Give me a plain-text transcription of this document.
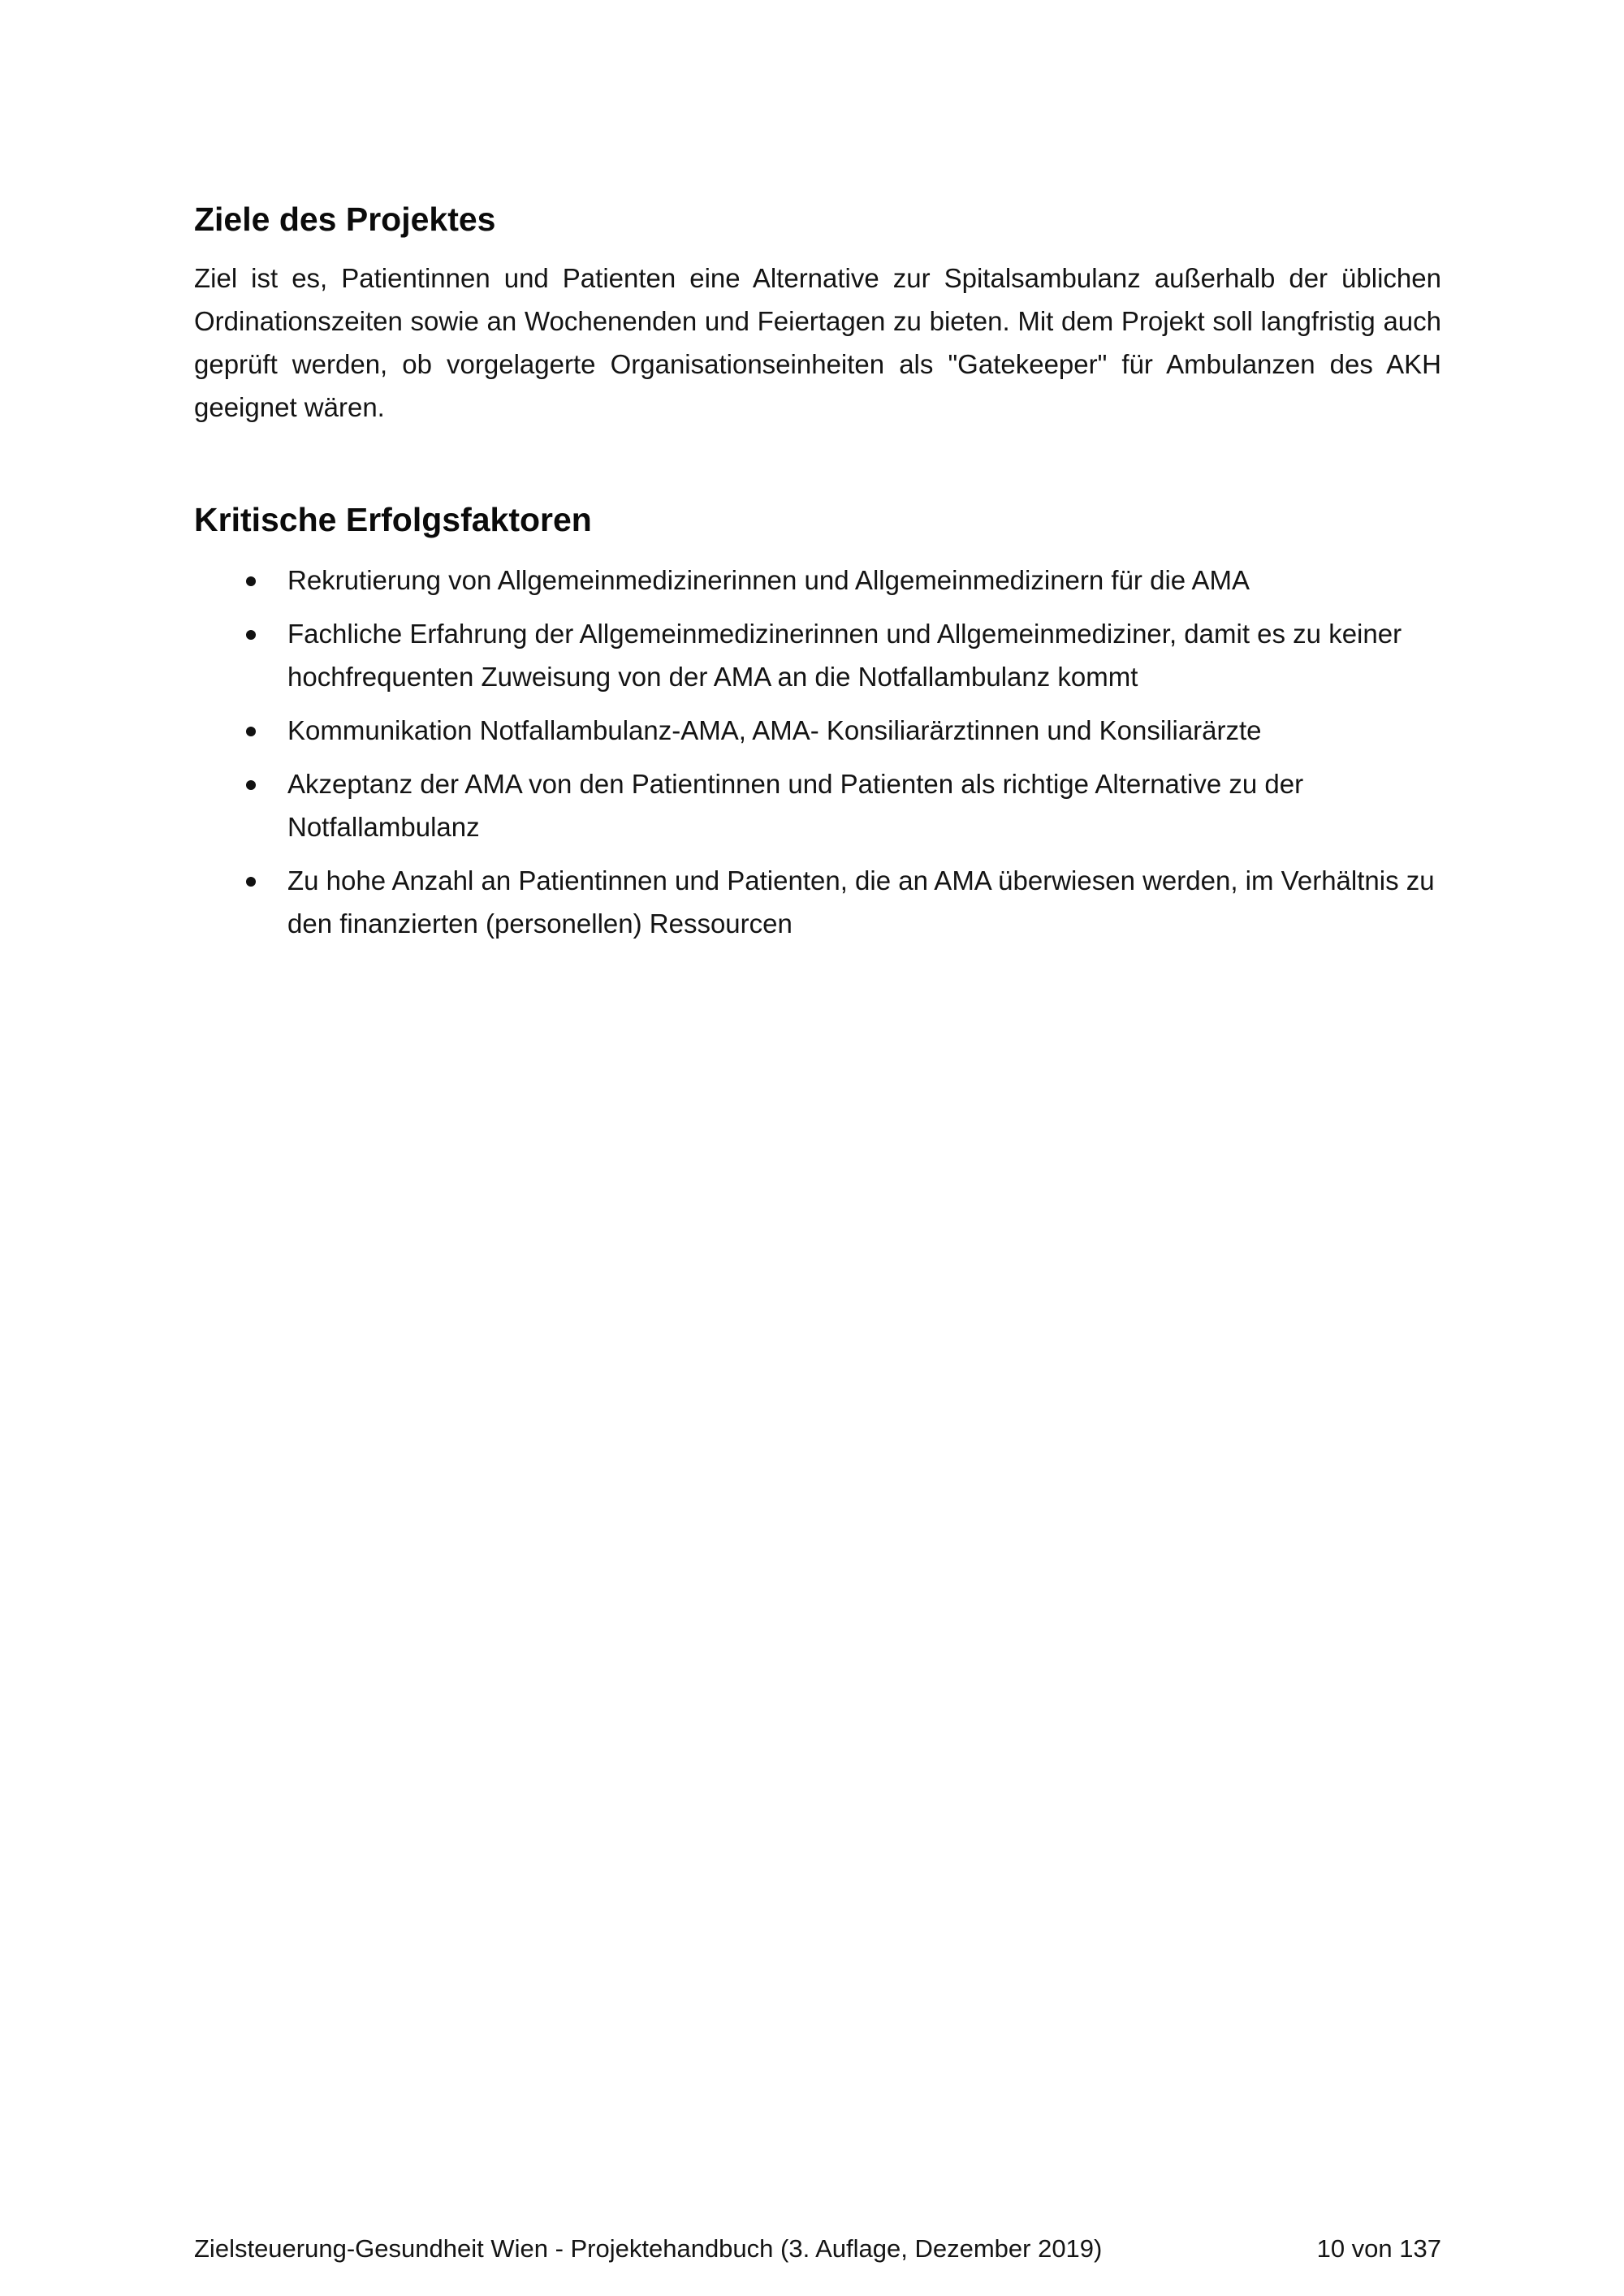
Ziele des Projektes

Ziel ist es, Patientinnen und Patienten eine Alternative zur Spitalsambulanz außerhalb der üblichen Ordinationszeiten sowie an Wochenenden und Feiertagen zu bieten. Mit dem Projekt soll langfristig auch geprüft werden, ob vorgelagerte Organisationseinheiten als "Gatekeeper" für Ambulanzen des AKH geeignet wären.

Kritische Erfolgsfaktoren
Rekrutierung von Allgemeinmedizinerinnen und Allgemeinmedizinern für die AMA
Fachliche Erfahrung der Allgemeinmedizinerinnen und Allgemeinmediziner, damit es zu keiner hochfrequenten Zuweisung von der AMA an die Notfallambulanz kommt
Kommunikation Notfallambulanz-AMA, AMA- Konsiliarärztinnen und Konsiliarärzte
Akzeptanz der AMA von den Patientinnen und Patienten als richtige Alternative zu der Notfallambulanz
Zu hohe Anzahl an Patientinnen und Patienten, die an AMA überwiesen werden, im Verhältnis zu den finanzierten (personellen) Ressourcen
Zielsteuerung-Gesundheit Wien - Projektehandbuch (3. Auflage, Dezember 2019)	10 von 137
